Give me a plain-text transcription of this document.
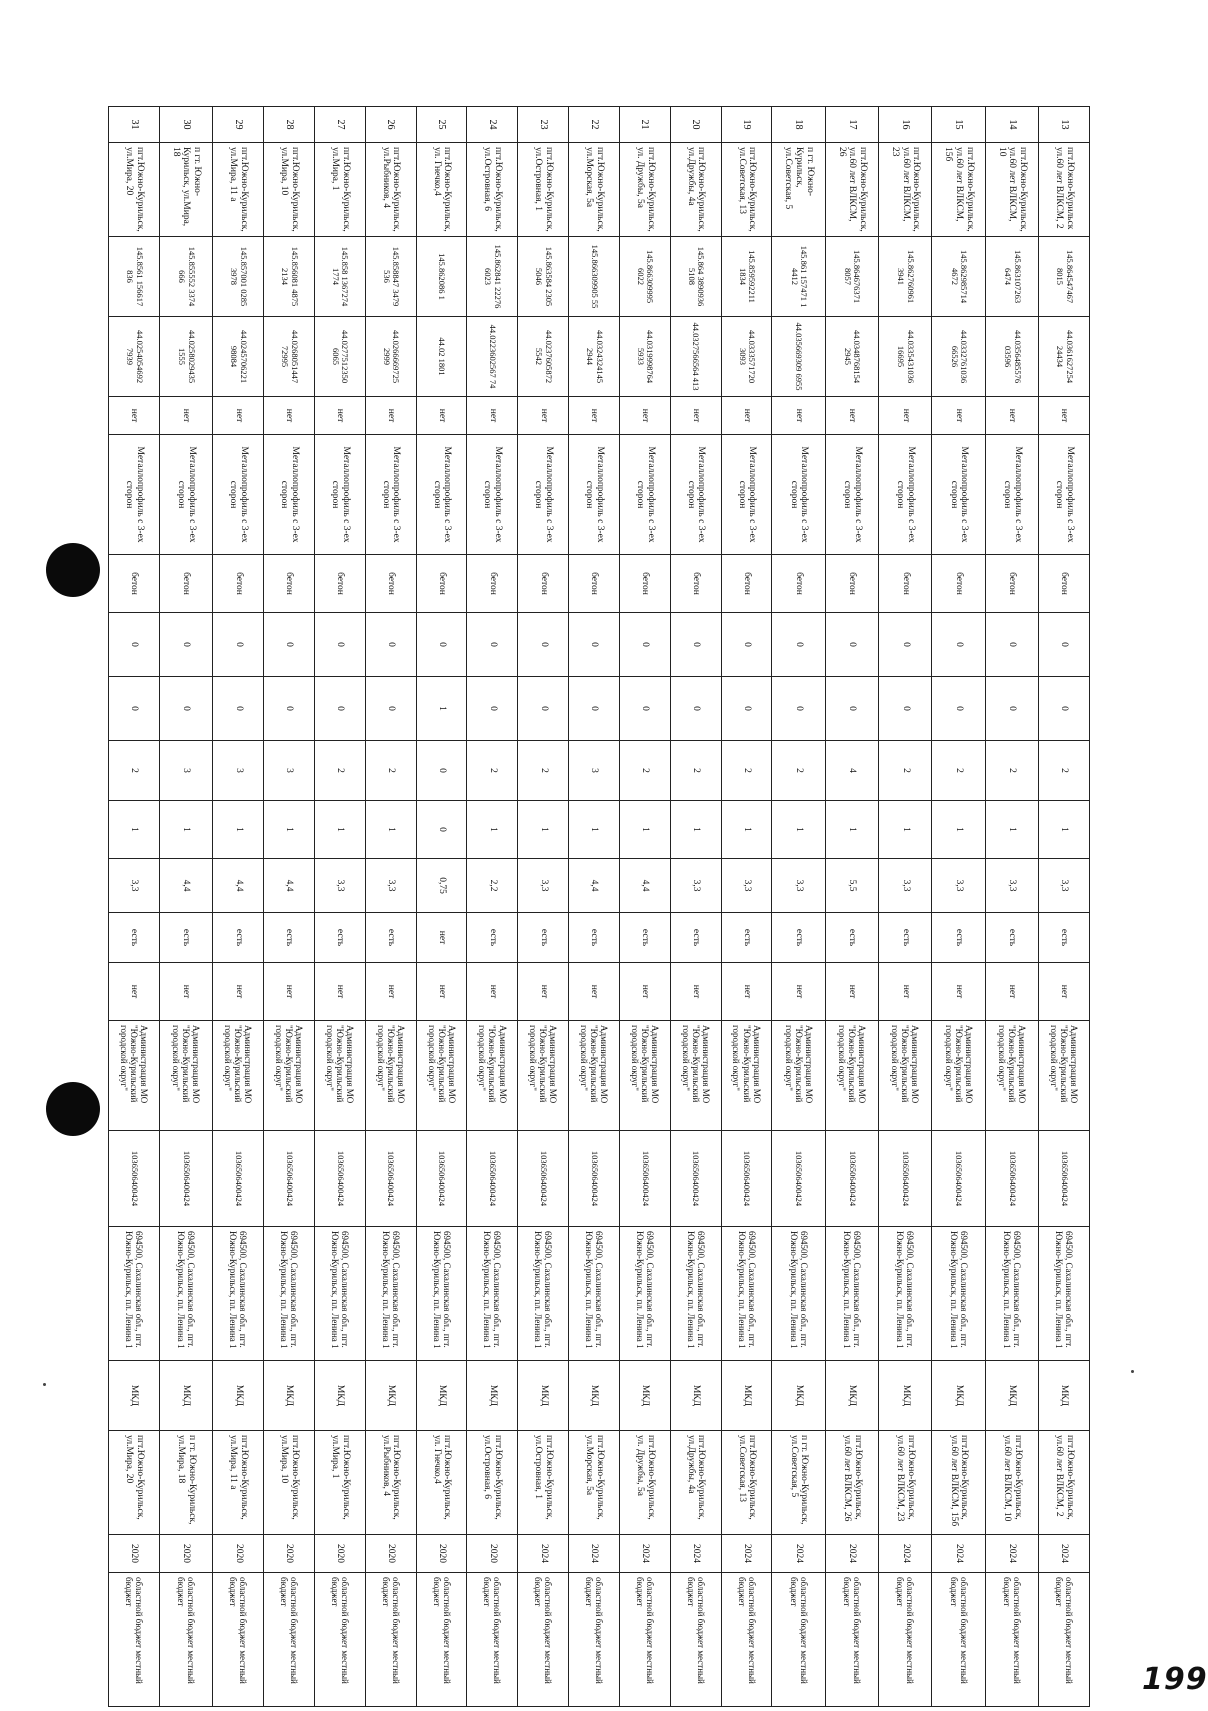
13	пгт.Южно-Курильск ул.60 лет ВЛКСМ, 2	145.864547467 8015	44.0361627254 24434	нет	Металлопрофиль с 3-ех сторон	бетон	0	0	2	1	3,3	есть	нет	Администрация МО "Южно-Курильский городской округ"	1036506400424	694500, Сахалинская обл., пгт. Южно-Курильск, пл. Ленина 1	МКД	пгт.Южно-Курильск, ул.60 лет ВЛКСМ, 2	2024	областной бюджет местный бюджет
14	пгт.Южно-Курильск, ул.60 лет ВЛКСМ, 10	145.863107263 6474	44.0356485576 03596	нет	Металлопрофиль с 3-ех сторон	бетон	0	0	2	1	3,3	есть	нет	Администрация МО "Южно-Курильский городской округ"	1036506400424	694500, Сахалинская обл., пгт. Южно-Курильск, пл. Ленина 1	МКД	пгт.Южно-Курильск, ул.60 лет ВЛКСМ, 10	2024	областной бюджет местный бюджет
15	пгт.Южно-Курильск, ул.60 лет ВЛКСМ, 15б	145.862985714 4672	44.0332761036 66526	нет	Металлопрофиль с 3-ех сторон	бетон	0	0	2	1	3,3	есть	нет	Администрация МО "Южно-Курильский городской округ"	1036506400424	694500, Сахалинская обл., пгт. Южно-Курильск, пл. Ленина 1	МКД	пгт.Южно-Курильск, ул.60 лет ВЛКСМ, 15б	2024	областной бюджет местный бюджет
16	пгт.Южно-Курильск, ул.60 лет ВЛКСМ, 23	145.862760961 3941	44.0335431036 16695	нет	Металлопрофиль с 3-ех сторон	бетон	0	0	2	1	3,3	есть	нет	Администрация МО "Южно-Курильский городской округ"	1036506400424	694500, Сахалинская обл., пгт. Южно-Курильск, пл. Ленина 1	МКД	пгт.Южно-Курильск, ул.60 лет ВЛКСМ, 23	2024	областной бюджет местный бюджет
17	пгт.Южно-Курильск, ул.60 лет ВЛКСМ, 26	145.864676371 8057	44.0348768154 2945	нет	Металлопрофиль с 3-ех сторон	бетон	0	0	4	1	5,5	есть	нет	Администрация МО "Южно-Курильский городской округ"	1036506400424	694500, Сахалинская обл., пгт. Южно-Курильск, пл. Ленина 1	МКД	пгт.Южно-Курильск, ул.60 лет ВЛКСМ, 26	2024	областной бюджет местный бюджет
18	п гт. Южно-Курильск, ул.Советская, 5	145.861 157471 1 4412	44.035669309 6955	нет	Металлопрофиль с 3-ех сторон	бетон	0	0	2	1	3,3	есть	нет	Администрация МО "Южно-Курильский городской округ"	1036506400424	694500, Сахалинская обл., пгт. Южно-Курильск, пл. Ленина 1	МКД	п гт. Южно-Курильск, ул.Советская, 5	2024	областной бюджет местный бюджет
19	пгт.Южно-Курильск, ул.Советская, 13	145.859592211 1834	44.0333571720 3093	нет	Металлопрофиль с 3-ех сторон	бетон	0	0	2	1	3,3	есть	нет	Администрация МО "Южно-Курильский городской округ"	1036506400424	694500, Сахалинская обл., пгт. Южно-Курильск, пл. Ленина 1	МКД	пгт.Южно-Курильск, ул.Советская, 13	2024	областной бюджет местный бюджет
20	пгт.Южно-Курильск, ул.Дружбы, 4а	145.864 3890936 5108	44.0327566564 413	нет	Металлопрофиль с 3-ех сторон	бетон	0	0	2	1	3,3	есть	нет	Администрация МО "Южно-Курильский городской округ"	1036506400424	694500, Сахалинская обл., пгт. Южно-Курильск, пл. Ленина 1	МКД	пгт.Южно-Курильск, ул.Дружбы, 4а	2024	областной бюджет местный бюджет
21	пгт.Южно-Курильск, ул. Дружбы, 5а	145.866309995 6022	44.0319998764 5933	нет	Металлопрофиль с 3-ех сторон	бетон	0	0	2	1	4,4	есть	нет	Администрация МО "Южно-Курильский городской округ"	1036506400424	694500, Сахалинская обл., пгт. Южно-Курильск, пл. Ленина 1	МКД	пгт.Южно-Курильск, ул. Дружбы, 5а	2024	областной бюджет местный бюджет
22	пгт.Южно-Курильск, ул.Морская, 5а	145.866309905 55	44.0324324145 2944	нет	Металлопрофиль с 3-ех сторон	бетон	0	0	3	1	4,4	есть	нет	Администрация МО "Южно-Курильский городской округ"	1036506400424	694500, Сахалинская обл., пгт. Южно-Курильск, пл. Ленина 1	МКД	пгт.Южно-Курильск, ул.Морская, 5а	2024	областной бюджет местный бюджет
23	пгт.Южно-Курильск, ул.Островная, 1	145.863584 2305 5046	44.0237605872 5542	нет	Металлопрофиль с 3-ех сторон	бетон	0	0	2	1	3,3	есть	нет	Администрация МО "Южно-Курильский городской округ"	1036506400424	694500, Сахалинская обл., пгт. Южно-Курильск, пл. Ленина 1	МКД	пгт.Южно-Курильск, ул.Островная, 1	2024	областной бюджет местный бюджет
24	пгт.Южно-Курильск, ул.Островная, 6	145.862841 22276 6023	44.0223602567 74	нет	Металлопрофиль с 3-ех сторон	бетон	0	0	2	1	2,2	есть	нет	Администрация МО "Южно-Курильский городской округ"	1036506400424	694500, Сахалинская обл., пгт. Южно-Курильск, пл. Ленина 1	МКД	пгт.Южно-Курильск, ул.Островная, 6	2020	областной бюджет местный бюджет
25	пгт.Южно-Курильск, ул. Гнечко,4	145.862086 1	44.02 1801	нет	Металлопрофиль с 3-ех сторон	бетон	0	1	0	0	0,75	нет	нет	Администрация МО "Южно-Курильский городской округ"	1036506400424	694500, Сахалинская обл., пгт. Южно-Курильск, пл. Ленина 1	МКД	пгт.Южно-Курильск, ул. Гнечко,4	2020	областной бюджет местный бюджет
26	пгт.Южно-Курильск, ул.Рыбников, 4	145.858847 3479 536	44.0266669725 2999	нет	Металлопрофиль с 3-ех сторон	бетон	0	0	2	1	3,3	есть	нет	Администрация МО "Южно-Курильский городской округ"	1036506400424	694500, Сахалинская обл., пгт. Южно-Курильск, пл. Ленина 1	МКД	пгт.Южно-Курильск, ул.Рыбников, 4	2020	областной бюджет местный бюджет
27	пгт.Южно-Курильск, ул.Мира, 1	145.858 1367274 1774	44.0277512350 6065	нет	Металлопрофиль с 3-ех сторон	бетон	0	0	2	1	3,3	есть	нет	Администрация МО "Южно-Курильский городской округ"	1036506400424	694500, Сахалинская обл., пгт. Южно-Курильск, пл. Ленина 1	МКД	пгт.Южно-Курильск, ул.Мира, 1	2020	областной бюджет местный бюджет
28	пгт.Южно-Курильск, ул.Мира, 10	145.856081 4875 2134	44.0268051447 72995	нет	Металлопрофиль с 3-ех сторон	бетон	0	0	3	1	4,4	есть	нет	Администрация МО "Южно-Курильский городской округ"	1036506400424	694500, Сахалинская обл., пгт. Южно-Курильск, пл. Ленина 1	МКД	пгт.Южно-Курильск, ул.Мира, 10	2020	областной бюджет местный бюджет
29	пгт.Южно-Курильск, ул.Мира, 11 а	145.857001 0285 3978	44.0245706221 98084	нет	Металлопрофиль с 3-ех сторон	бетон	0	0	3	1	4,4	есть	нет	Администрация МО "Южно-Курильский городской округ"	1036506400424	694500, Сахалинская обл., пгт. Южно-Курильск, пл. Ленина 1	МКД	пгт.Южно-Курильск, ул.Мира, 11 а	2020	областной бюджет местный бюджет
30	п гт. Южно-Курильск, ул.Мира, 18	145.855552 3374 666	44.0258029435 1555	нет	Металлопрофиль с 3-ех сторон	бетон	0	0	3	1	4,4	есть	нет	Администрация МО "Южно-Курильский городской округ"	1036506400424	694500, Сахалинская обл., пгт. Южно-Курильск, пл. Ленина 1	МКД	п гт. Южно-Курильск, ул.Мира, 18	2020	областной бюджет местный бюджет
31	пгт.Южно-Курильск, ул.Мира, 20	145.8561 156617 836	44.0254054692 7939	нет	Металлопрофиль с 3-ех сторон	бетон	0	0	2	1	3,3	есть	нет	Администрация МО "Южно-Курильский городской округ"	1036506400424	694500, Сахалинская обл., пгт. Южно-Курильск, пл. Ленина 1	МКД	пгт.Южно-Курильск, ул.Мира, 20	2020	областной бюджет местный бюджет
199
